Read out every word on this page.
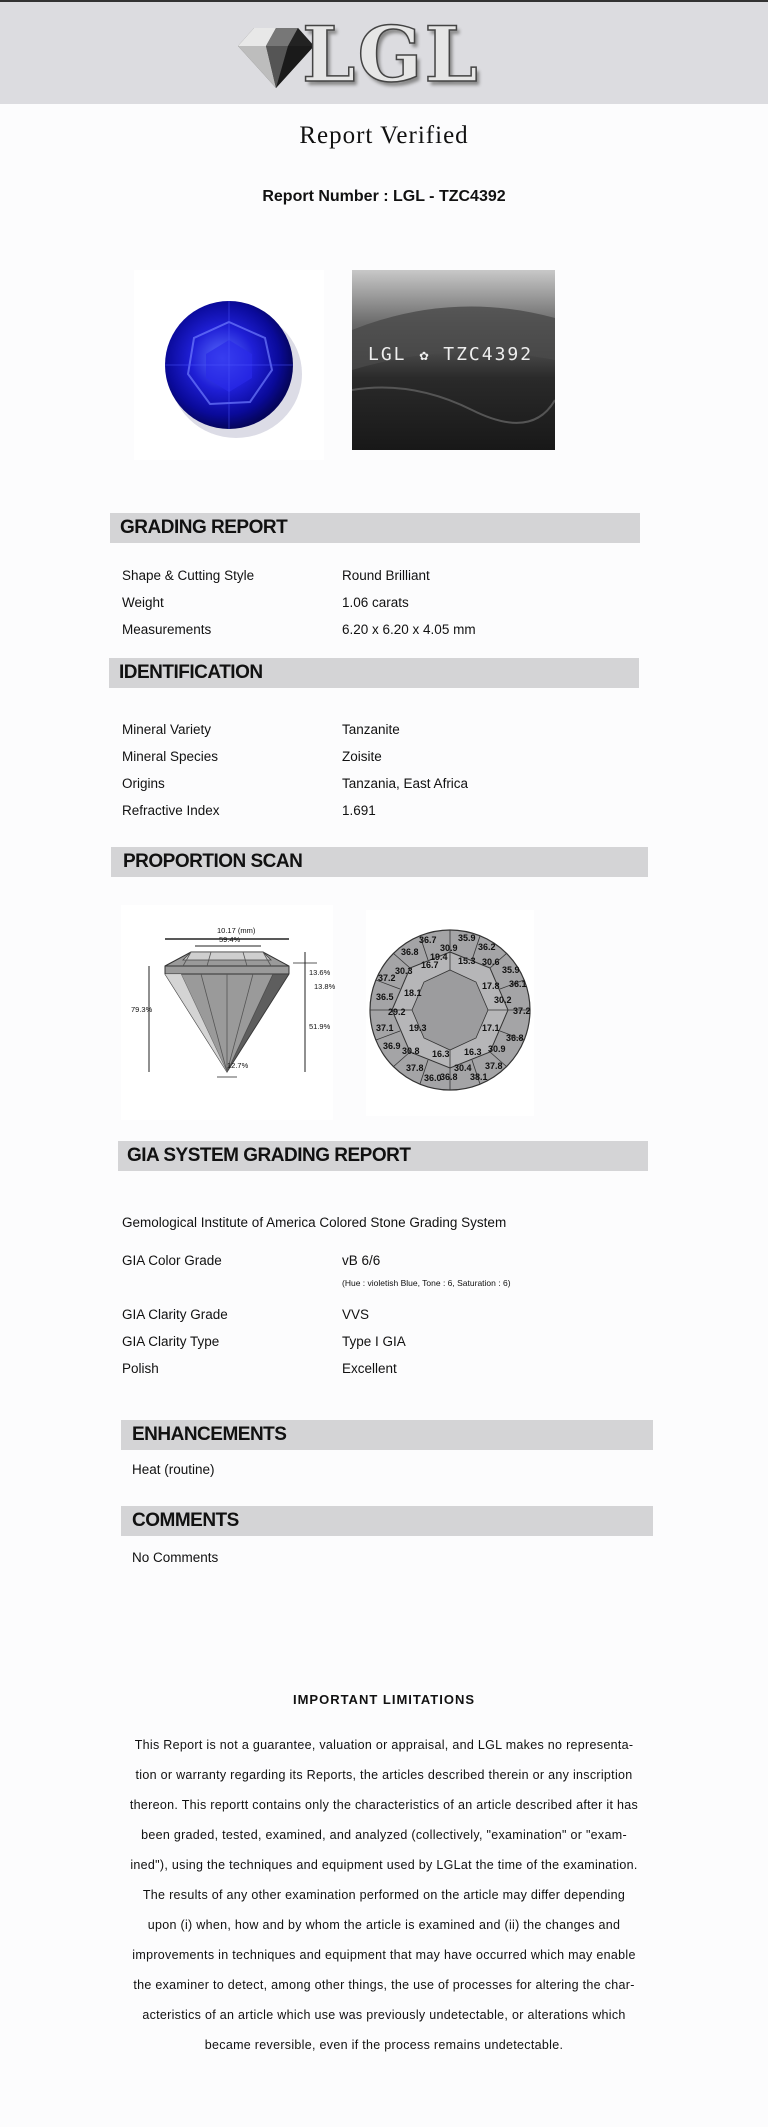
LGL
Report Verified
Report Number : LGL - TZC4392
LGL ✿ TZC4392
GRADING REPORT
Shape & Cutting Style	Round Brilliant
Weight	1.06 carats
Measurements	6.20 x 6.20 x 4.05 mm
IDENTIFICATION
Mineral Variety	Tanzanite
Mineral Species	Zoisite
Origins	Tanzania, East Africa
Refractive Index	1.691
PROPORTION SCAN
10.17 (mm)
59.4%
13.6%
13.8%
79.3%
51.9%
12.7%
36.7 35.9
36.8 30.9 36.2
19.4 15.3 30.6
35.9
16.7
30.3
37.2
17.8 36.1
36.5 18.1
30.2
37.2
29.2
17.1
19.3
37.1
36.8
36.9 30.8 16.3 16.3 30.9
37.8	30.4 37.8
36.0
36.8 38.1
GIA SYSTEM GRADING REPORT
Gemological Institute of America Colored Stone Grading System
GIA Color Grade	vB 6/6
(Hue : violetish Blue, Tone : 6, Saturation : 6)
GIA Clarity Grade	VVS
GIA Clarity Type	Type I GIA
Polish	Excellent
ENHANCEMENTS
Heat (routine)
COMMENTS
No Comments
IMPORTANT LIMITATIONS
This Report is not a guarantee, valuation or appraisal, and LGL makes no representa-
tion or warranty regarding its Reports, the articles described therein or any inscription
thereon. This reportt contains only the characteristics of an article described after it has
been graded, tested, examined, and analyzed (collectively, "examination" or "exam-
ined"), using the techniques and equipment used by LGLat the time of the examination.
The results of any other examination performed on the article may differ depending
upon (i) when, how and by whom the article is examined and (ii) the changes and
improvements in techniques and equipment that may have occurred which may enable
the examiner to detect, among other things, the use of processes for altering the char-
acteristics of an article which use was previously undetectable, or alterations which
became reversible, even if the process remains undetectable.
